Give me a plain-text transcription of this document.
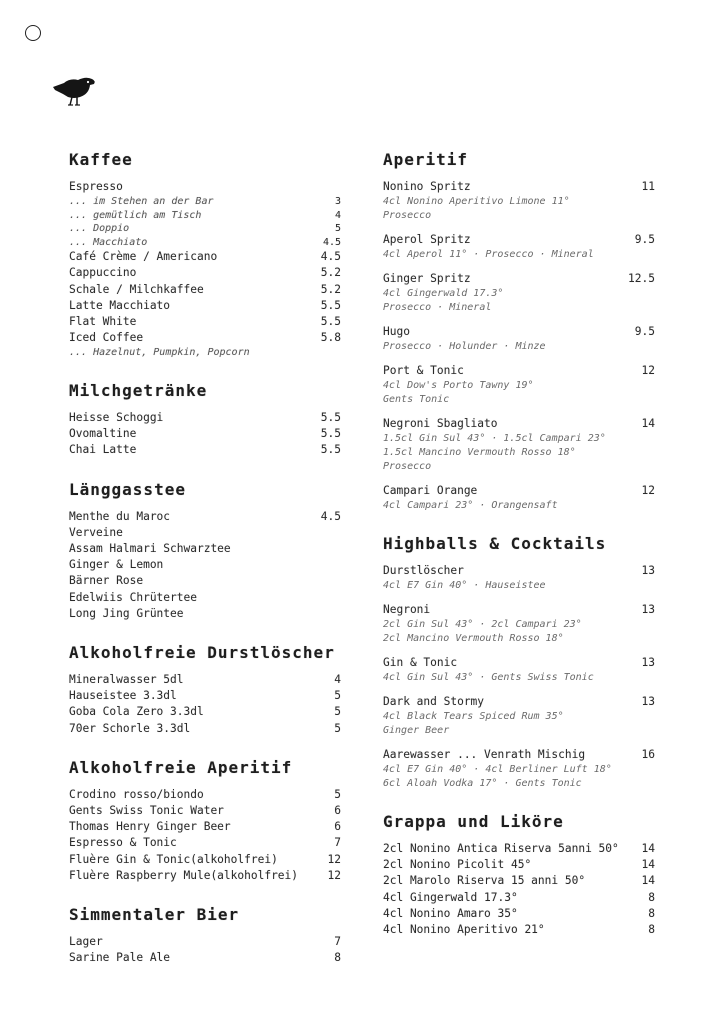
Kaffee
Espresso
... im Stehen an der Bar	3
... gemütlich am Tisch	4
... Doppio	5
... Macchiato	4.5
Café Crème / Americano	4.5
Cappuccino	5.2
Schale / Milchkaffee	5.2
Latte Macchiato	5.5
Flat White	5.5
Iced Coffee	5.8
... Hazelnut, Pumpkin, Popcorn
Milchgetränke
Heisse Schoggi	5.5
Ovomaltine	5.5
Chai Latte	5.5
Länggasstee
Menthe du Maroc	4.5
Verveine
Assam Halmari Schwarztee
Ginger & Lemon
Bärner Rose
Edelwiis Chrütertee
Long Jing Grüntee
Alkoholfreie Durstlöscher
Mineralwasser 5dl	4
Hauseistee 3.3dl	5
Goba Cola Zero 3.3dl	5
70er Schorle 3.3dl	5
Alkoholfreie Aperitif
Crodino rosso/biondo	5
Gents Swiss Tonic Water	6
Thomas Henry Ginger Beer	6
Espresso & Tonic	7
Fluère Gin & Tonic(alkoholfrei)	12
Fluère Raspberry Mule(alkoholfrei)	12
Simmentaler Bier
Lager	7
Sarine Pale Ale	8
Aperitif
Nonino Spritz	11
4cl Nonino Aperitivo Limone 11°
Prosecco
Aperol Spritz	9.5
4cl Aperol 11° · Prosecco · Mineral
Ginger Spritz	12.5
4cl Gingerwald 17.3°
Prosecco · Mineral
Hugo	9.5
Prosecco · Holunder · Minze
Port & Tonic	12
4cl Dow's Porto Tawny 19°
Gents Tonic
Negroni Sbagliato	14
1.5cl Gin Sul 43° · 1.5cl Campari 23°
1.5cl Mancino Vermouth Rosso 18°
Prosecco
Campari Orange	12
4cl Campari 23° · Orangensaft
Highballs & Cocktails
Durstlöscher	13
4cl E7 Gin 40° · Hauseistee
Negroni	13
2cl Gin Sul 43° · 2cl Campari 23°
2cl Mancino Vermouth Rosso 18°
Gin & Tonic	13
4cl Gin Sul 43° · Gents Swiss Tonic
Dark and Stormy	13
4cl Black Tears Spiced Rum 35°
Ginger Beer
Aarewasser ... Venrath Mischig	16
4cl E7 Gin 40° · 4cl Berliner Luft 18°
6cl Aloah Vodka 17° · Gents Tonic
Grappa und Liköre
2cl Nonino Antica Riserva 5anni 50° 14
2cl Nonino Picolit 45°	14
2cl Marolo Riserva 15 anni 50°	14
4cl Gingerwald 17.3°	8
4cl Nonino Amaro 35°	8
4cl Nonino Aperitivo 21°	8
